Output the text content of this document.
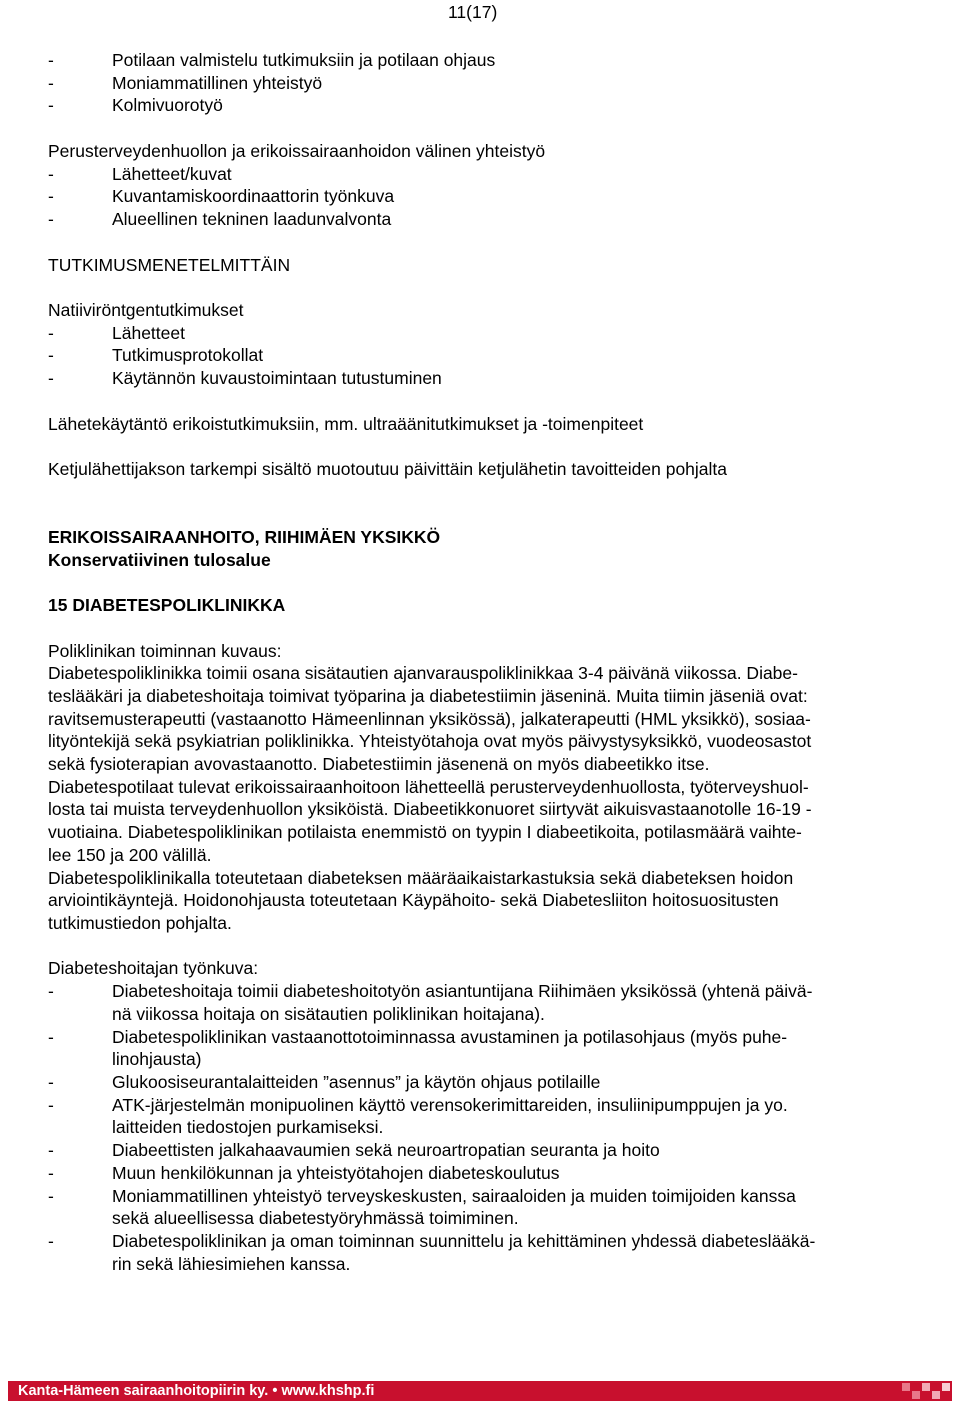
11(17)
-	Potilaan valmistelu tutkimuksiin ja potilaan ohjaus
-	Moniammatillinen yhteistyö
-	Kolmivuorotyö
Perusterveydenhuollon ja erikoissairaanhoidon välinen yhteistyö
-	Lähetteet/kuvat
-	Kuvantamiskoordinaattorin työnkuva
-	Alueellinen tekninen laadunvalvonta
TUTKIMUSMENETELMITTÄIN
Natiiviröntgentutkimukset
-	Lähetteet
-	Tutkimusprotokollat
-	Käytännön kuvaustoimintaan tutustuminen
Lähetekäytäntö erikoistutkimuksiin, mm. ultraäänitutkimukset ja -toimenpiteet
Ketjulähettijakson tarkempi sisältö muotoutuu päivittäin ketjulähetin tavoitteiden pohjalta
ERIKOISSAIRAANHOITO, RIIHIMÄEN YKSIKKÖ
Konservatiivinen tulosalue
15 DIABETESPOLIKLINIKKA
Poliklinikan toiminnan kuvaus:
Diabetespoliklinikka toimii osana sisätautien ajanvarauspoliklinikkaa 3-4 päivänä viikossa. Diabe-
teslääkäri ja diabeteshoitaja toimivat työparina ja diabetestiimin jäseninä. Muita tiimin jäseniä ovat:
ravitsemusterapeutti (vastaanotto Hämeenlinnan yksikössä), jalkaterapeutti (HML yksikkö), sosiaa-
lityöntekijä sekä psykiatrian poliklinikka. Yhteistyötahoja ovat myös päivystysyksikkö, vuodeosastot
sekä fysioterapian avovastaanotto. Diabetestiimin jäsenenä on myös diabeetikko itse.
Diabetespotilaat tulevat erikoissairaanhoitoon lähetteellä perusterveydenhuollosta, työterveyshuol-
losta tai muista terveydenhuollon yksiköistä. Diabeetikkonuoret siirtyvät aikuisvastaanotolle 16-19 -
vuotiaina. Diabetespoliklinikan potilaista enemmistö on tyypin I diabeetikoita, potilasmäärä vaihte-
lee 150 ja 200 välillä.
Diabetespoliklinikalla toteutetaan diabeteksen määräaikaistarkastuksia sekä diabeteksen hoidon
arviointikäyntejä. Hoidonohjausta toteutetaan Käypähoito- sekä Diabetesliiton hoitosuositusten
tutkimustiedon pohjalta.
Diabeteshoitajan työnkuva:
-	Diabeteshoitaja toimii diabeteshoitotyön asiantuntijana Riihimäen yksikössä (yhtenä päivä-
nä viikossa hoitaja on sisätautien poliklinikan hoitajana).
-	Diabetespoliklinikan vastaanottotoiminnassa avustaminen ja potilasohjaus (myös puhe-
linohjausta)
-	Glukoosiseurantalaitteiden ”asennus” ja käytön ohjaus potilaille
-	ATK-järjestelmän monipuolinen käyttö verensokerimittareiden, insuliinipumppujen ja yo.
laitteiden tiedostojen purkamiseksi.
-	Diabeettisten jalkahaavaumien sekä neuroartropatian seuranta ja hoito
-	Muun henkilökunnan ja yhteistyötahojen diabeteskoulutus
-	Moniammatillinen yhteistyö terveyskeskusten, sairaaloiden ja muiden toimijoiden kanssa
sekä alueellisessa diabetestyöryhmässä toimiminen.
-	Diabetespoliklinikan ja oman toiminnan suunnittelu ja kehittäminen yhdessä diabeteslääkä-
rin sekä lähiesimiehen kanssa.
Kanta-Hämeen sairaanhoitopiirin ky. • www.khshp.fi
